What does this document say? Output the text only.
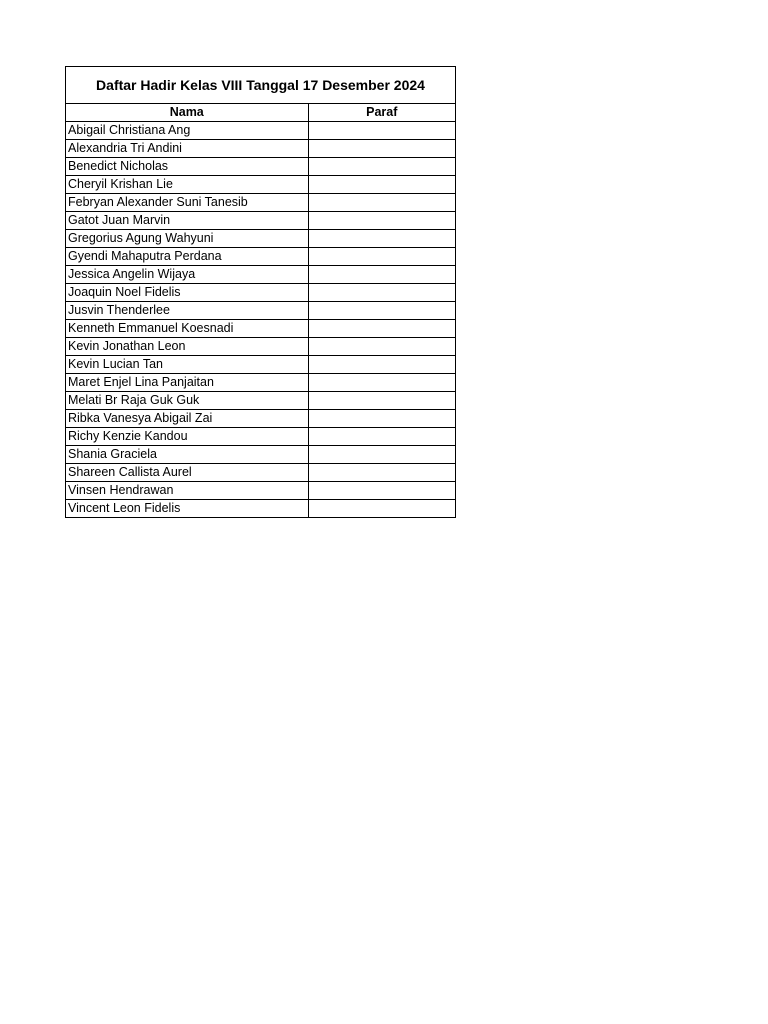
Daftar Hadir Kelas VIII Tanggal 17 Desember 2024
Nama	Paraf
Abigail Christiana Ang	
Alexandria Tri Andini	
Benedict Nicholas	
Cheryil Krishan Lie	
Febryan Alexander Suni Tanesib	
Gatot Juan Marvin	
Gregorius Agung Wahyuni	
Gyendi Mahaputra Perdana	
Jessica Angelin Wijaya	
Joaquin Noel Fidelis	
Jusvin Thenderlee	
Kenneth Emmanuel Koesnadi	
Kevin Jonathan Leon	
Kevin Lucian Tan	
Maret Enjel Lina Panjaitan	
Melati Br Raja Guk Guk	
Ribka Vanesya Abigail Zai	
Richy Kenzie Kandou	
Shania Graciela	
Shareen Callista Aurel	
Vinsen Hendrawan	
Vincent Leon Fidelis	
